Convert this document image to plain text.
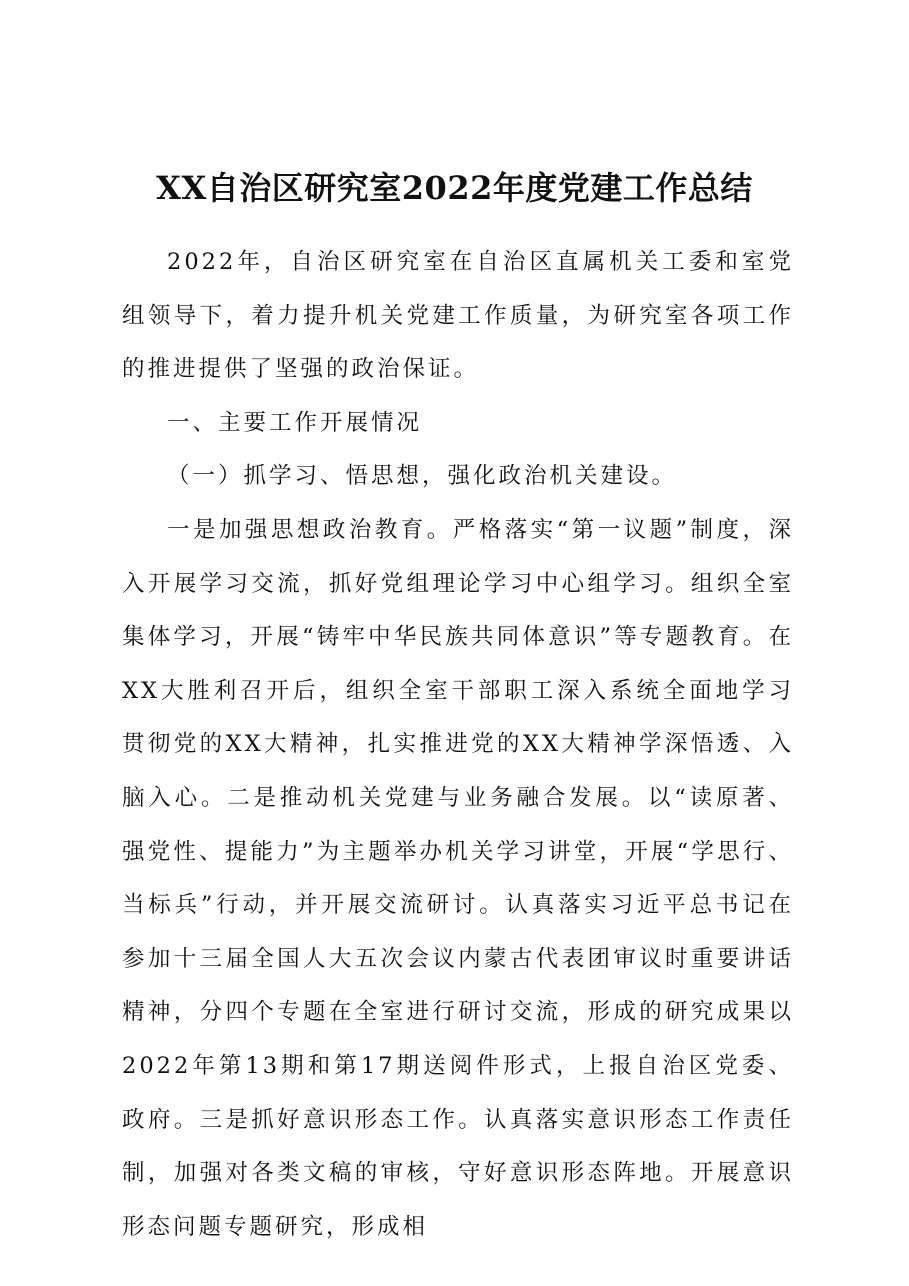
XX自治区研究室2022年度党建工作总结

2022年，自治区研究室在自治区直属机关工委和室党组领导下，着力提升机关党建工作质量，为研究室各项工作的推进提供了坚强的政治保证。

一、主要工作开展情况

（一）抓学习、悟思想，强化政治机关建设。

一是加强思想政治教育。严格落实“第一议题”制度，深入开展学习交流，抓好党组理论学习中心组学习。组织全室集体学习，开展“铸牢中华民族共同体意识”等专题教育。在XX大胜利召开后，组织全室干部职工深入系统全面地学习贯彻党的XX大精神，扎实推进党的XX大精神学深悟透、入脑入心。二是推动机关党建与业务融合发展。以“读原著、强党性、提能力”为主题举办机关学习讲堂，开展“学思行、当标兵”行动，并开展交流研讨。认真落实习近平总书记在参加十三届全国人大五次会议内蒙古代表团审议时重要讲话精神，分四个专题在全室进行研讨交流，形成的研究成果以2022年第13期和第17期送阅件形式，上报自治区党委、政府。三是抓好意识形态工作。认真落实意识形态工作责任制，加强对各类文稿的审核，守好意识形态阵地。开展意识形态问题专题研究，形成相
